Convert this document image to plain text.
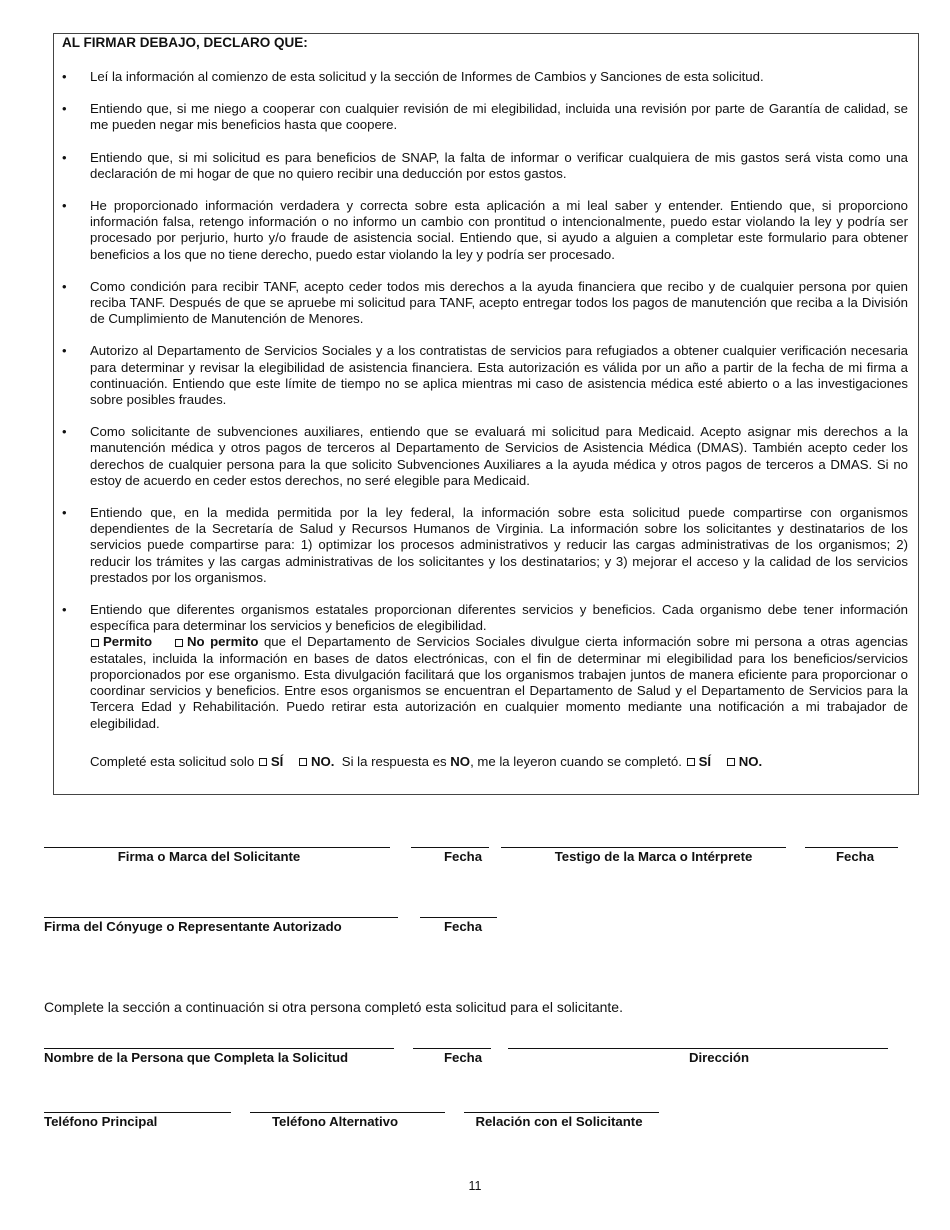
AL FIRMAR DEBAJO, DECLARO QUE:
• Leí la información al comienzo de esta solicitud y la sección de Informes de Cambios y Sanciones de esta solicitud.
• Entiendo que, si me niego a cooperar con cualquier revisión de mi elegibilidad, incluida una revisión por parte de Garantía de calidad, se me pueden negar mis beneficios hasta que coopere.
• Entiendo que, si mi solicitud es para beneficios de SNAP, la falta de informar o verificar cualquiera de mis gastos será vista como una declaración de mi hogar de que no quiero recibir una deducción por estos gastos.
• He proporcionado información verdadera y correcta sobre esta aplicación a mi leal saber y entender. Entiendo que, si proporciono información falsa, retengo información o no informo un cambio con prontitud o intencionalmente, puedo estar violando la ley y podría ser procesado por perjurio, hurto y/o fraude de asistencia social. Entiendo que, si ayudo a alguien a completar este formulario para obtener beneficios a los que no tiene derecho, puedo estar violando la ley y podría ser procesado.
• Como condición para recibir TANF, acepto ceder todos mis derechos a la ayuda financiera que recibo y de cualquier persona por quien reciba TANF. Después de que se apruebe mi solicitud para TANF, acepto entregar todos los pagos de manutención que reciba a la División de Cumplimiento de Manutención de Menores.
• Autorizo al Departamento de Servicios Sociales y a los contratistas de servicios para refugiados a obtener cualquier verificación necesaria para determinar y revisar la elegibilidad de asistencia financiera. Esta autorización es válida por un año a partir de la fecha de mi firma a continuación. Entiendo que este límite de tiempo no se aplica mientras mi caso de asistencia médica esté abierto o a las investigaciones sobre posibles fraudes.
• Como solicitante de subvenciones auxiliares, entiendo que se evaluará mi solicitud para Medicaid. Acepto asignar mis derechos a la manutención médica y otros pagos de terceros al Departamento de Servicios de Asistencia Médica (DMAS). También acepto ceder los derechos de cualquier persona para la que solicito Subvenciones Auxiliares a la ayuda médica y otros pagos de terceros a DMAS. Si no estoy de acuerdo en ceder estos derechos, no seré elegible para Medicaid.
• Entiendo que, en la medida permitida por la ley federal, la información sobre esta solicitud puede compartirse con organismos dependientes de la Secretaría de Salud y Recursos Humanos de Virginia. La información sobre los solicitantes y destinatarios de los servicios puede compartirse para: 1) optimizar los procesos administrativos y reducir las cargas administrativas de los organismos; 2) reducir los trámites y las cargas administrativas de los solicitantes y los destinatarios; y 3) mejorar el acceso y la calidad de los servicios prestados por los organismos.
• Entiendo que diferentes organismos estatales proporcionan diferentes servicios y beneficios. Cada organismo debe tener información específica para determinar los servicios y beneficios de elegibilidad.
Permito	No permito que el Departamento de Servicios Sociales divulgue cierta información sobre mi persona a otras agencias estatales, incluida la información en bases de datos electrónicas, con el fin de determinar mi elegibilidad para los beneficios/servicios proporcionados por ese organismo. Esta divulgación facilitará que los organismos trabajen juntos de manera eficiente para proporcionar o coordinar servicios y beneficios. Entre esos organismos se encuentran el Departamento de Salud y el Departamento de Servicios para la Tercera Edad y Rehabilitación. Puedo retirar esta autorización en cualquier momento mediante una notificación a mi trabajador de elegibilidad.
Completé esta solicitud solo SÍ NO. Si la respuesta es NO, me la leyeron cuando se completó. SÍ NO.
Firma o Marca del Solicitante	Fecha	Testigo de la Marca o Intérprete	Fecha
Firma del Cónyuge o Representante Autorizado	Fecha
Complete la sección a continuación si otra persona completó esta solicitud para el solicitante.
Nombre de la Persona que Completa la Solicitud	Fecha	Dirección
Teléfono Principal	Teléfono Alternativo	Relación con el Solicitante
11
